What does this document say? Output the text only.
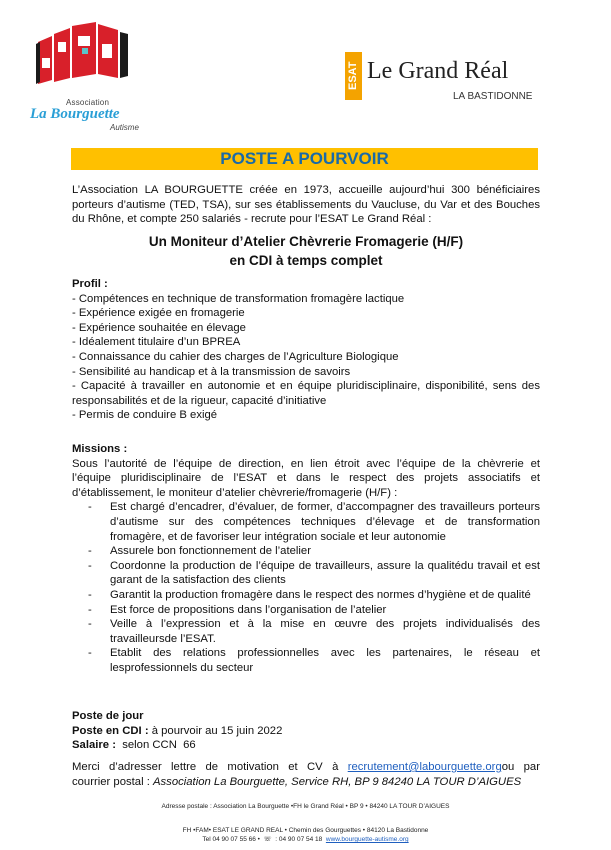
Association
La Bourguette
Autisme
ESAT Le Grand Réal
LA BASTIDONNE
POSTE A POURVOIR
L’Association LA BOURGUETTE créée en 1973, accueille aujourd’hui 300 bénéficiaires
porteurs d’autisme (TED, TSA), sur ses établissements du Vaucluse, du Var et des Bouches
du Rhône, et compte 250 salariés - recrute pour l’ESAT Le Grand Réal :
Un Moniteur d’Atelier Chèvrerie Fromagerie (H/F)
en CDI à temps complet
Profil :
- Compétences en technique de transformation fromagère lactique
- Expérience exigée en fromagerie
- Expérience souhaitée en élevage
- Idéalement titulaire d’un BPREA
- Connaissance du cahier des charges de l’Agriculture Biologique
- Sensibilité au handicap et à la transmission de savoirs
- Capacité à travailler en autonomie et en équipe pluridisciplinaire, disponibilité, sens des
responsabilités et de la rigueur, capacité d’initiative
- Permis de conduire B exigé
Missions :
Sous l’autorité de l’équipe de direction, en lien étroit avec l’équipe de la chèvrerie et
l’équipe pluridisciplinaire de l’ESAT et dans le respect des projets associatifs et
d’établissement, le moniteur d’atelier chèvrerie/fromagerie (H/F) :
- Est chargé d’encadrer, d’évaluer, de former, d’accompagner des travailleurs porteurs
d’autisme sur des compétences techniques d’élevage et de transformation
fromagère, et de favoriser leur intégration sociale et leur autonomie
- Assurele bon fonctionnement de l’atelier
- Coordonne la production de l’équipe de travailleurs, assure la qualitédu travail et est
garant de la satisfaction des clients
- Garantit la production fromagère dans le respect des normes d’hygiène et de qualité
- Est force de propositions dans l’organisation de l’atelier
- Veille à l’expression et à la mise en œuvre des projets individualisés des
travailleursde l’ESAT.
- Etablit des relations professionnelles avec les partenaires, le réseau et
lesprofessionnels du secteur
Poste de jour
Poste en CDI : à pourvoir au 15 juin 2022
Salaire :  selon CCN  66
Merci d’adresser lettre de motivation et CV à recrutement@labourguette.orgou par
courrier postal : Association La Bourguette, Service RH, BP 9 84240 LA TOUR D’AIGUES
Adresse postale : Association La Bourguette •FH le Grand Réal • BP 9 • 84240 LA TOUR D’AIGUES
FH •FAM• ESAT LE GRAND REAL • Chemin des Gourguettes • 84120 La Bastidonne
Tel 04 90 07 55 66 •  ☏  : 04 90 07 54 18  www.bourguette-autisme.org
